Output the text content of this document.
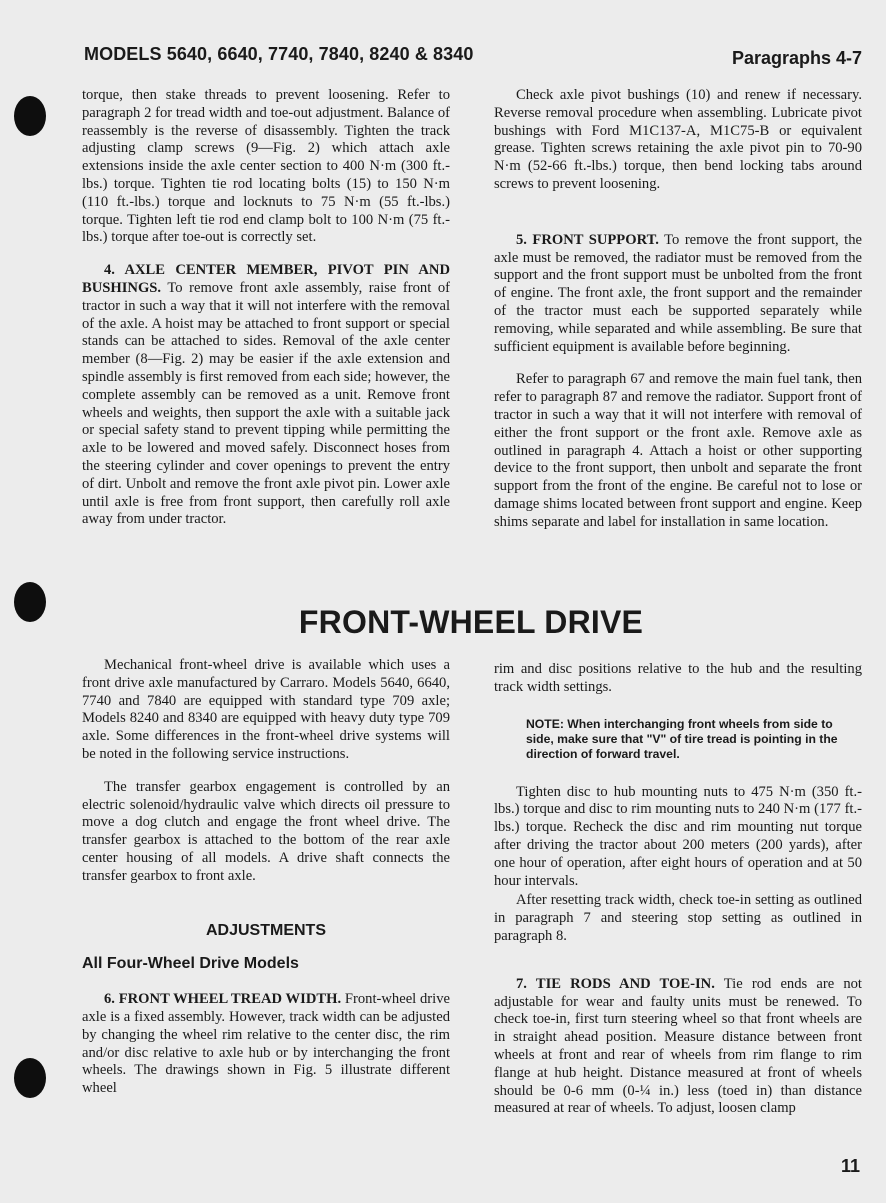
MODELS 5640, 6640, 7740, 7840, 8240 & 8340	Paragraphs 4-7

torque, then stake threads to prevent loosening. Refer to paragraph 2 for tread width and toe-out adjustment. Balance of reassembly is the reverse of disassembly. Tighten the track adjusting clamp screws (9—Fig. 2) which attach axle extensions inside the axle center section to 400 N·m (300 ft.-lbs.) torque. Tighten tie rod locating bolts (15) to 150 N·m (110 ft.-lbs.) torque and locknuts to 75 N·m (55 ft.-lbs.) torque. Tighten left tie rod end clamp bolt to 100 N·m (75 ft.-lbs.) torque after toe-out is correctly set.

4. AXLE CENTER MEMBER, PIVOT PIN AND BUSHINGS. To remove front axle assembly, raise front of tractor in such a way that it will not interfere with the removal of the axle. A hoist may be attached to front support or special stands can be attached to sides. Removal of the axle center member (8—Fig. 2) may be easier if the axle extension and spindle assembly is first removed from each side; however, the complete assembly can be removed as a unit. Remove front wheels and weights, then support the axle with a suitable jack or special safety stand to prevent tipping while permitting the axle to be lowered and moved safely. Disconnect hoses from the steering cylinder and cover openings to prevent the entry of dirt. Unbolt and remove the front axle pivot pin. Lower axle until axle is free from front support, then carefully roll axle away from under tractor.

Check axle pivot bushings (10) and renew if necessary. Reverse removal procedure when assembling. Lubricate pivot bushings with Ford M1C137-A, M1C75-B or equivalent grease. Tighten screws retaining the axle pivot pin to 70-90 N·m (52-66 ft.-lbs.) torque, then bend locking tabs around screws to prevent loosening.

5. FRONT SUPPORT. To remove the front support, the axle must be removed, the radiator must be removed from the support and the front support must be unbolted from the front of engine. The front axle, the front support and the remainder of the tractor must each be supported separately while removing, while separated and while assembling. Be sure that sufficient equipment is available before beginning.

Refer to paragraph 67 and remove the main fuel tank, then refer to paragraph 87 and remove the radiator. Support front of tractor in such a way that it will not interfere with removal of either the front support or the front axle. Remove axle as outlined in paragraph 4. Attach a hoist or other supporting device to the front support, then unbolt and separate the front support from the front of the engine. Be careful not to lose or damage shims located between front support and engine. Keep shims separate and label for installation in same location.

FRONT-WHEEL DRIVE

Mechanical front-wheel drive is available which uses a front drive axle manufactured by Carraro. Models 5640, 6640, 7740 and 7840 are equipped with standard type 709 axle; Models 8240 and 8340 are equipped with heavy duty type 709 axle. Some differences in the front-wheel drive systems will be noted in the following service instructions.

The transfer gearbox engagement is controlled by an electric solenoid/hydraulic valve which directs oil pressure to move a dog clutch and engage the front wheel drive. The transfer gearbox is attached to the bottom of the rear axle center housing of all models. A drive shaft connects the transfer gearbox to front axle.

ADJUSTMENTS
All Four-Wheel Drive Models

6. FRONT WHEEL TREAD WIDTH. Front-wheel drive axle is a fixed assembly. However, track width can be adjusted by changing the wheel rim relative to the center disc, the rim and/or disc relative to axle hub or by interchanging the front wheels. The drawings shown in Fig. 5 illustrate different wheel

rim and disc positions relative to the hub and the resulting track width settings.

NOTE: When interchanging front wheels from side to side, make sure that "V" of tire tread is pointing in the direction of forward travel.

Tighten disc to hub mounting nuts to 475 N·m (350 ft.-lbs.) torque and disc to rim mounting nuts to 240 N·m (177 ft.-lbs.) torque. Recheck the disc and rim mounting nut torque after driving the tractor about 200 meters (200 yards), after one hour of operation, after eight hours of operation and at 50 hour intervals.

After resetting track width, check toe-in setting as outlined in paragraph 7 and steering stop setting as outlined in paragraph 8.

7. TIE RODS AND TOE-IN. Tie rod ends are not adjustable for wear and faulty units must be renewed. To check toe-in, first turn steering wheel so that front wheels are in straight ahead position. Measure distance between front wheels at front and rear of wheels from rim flange to rim flange at hub height. Distance measured at front of wheels should be 0-6 mm (0-¼ in.) less (toed in) than distance measured at rear of wheels. To adjust, loosen clamp

11
